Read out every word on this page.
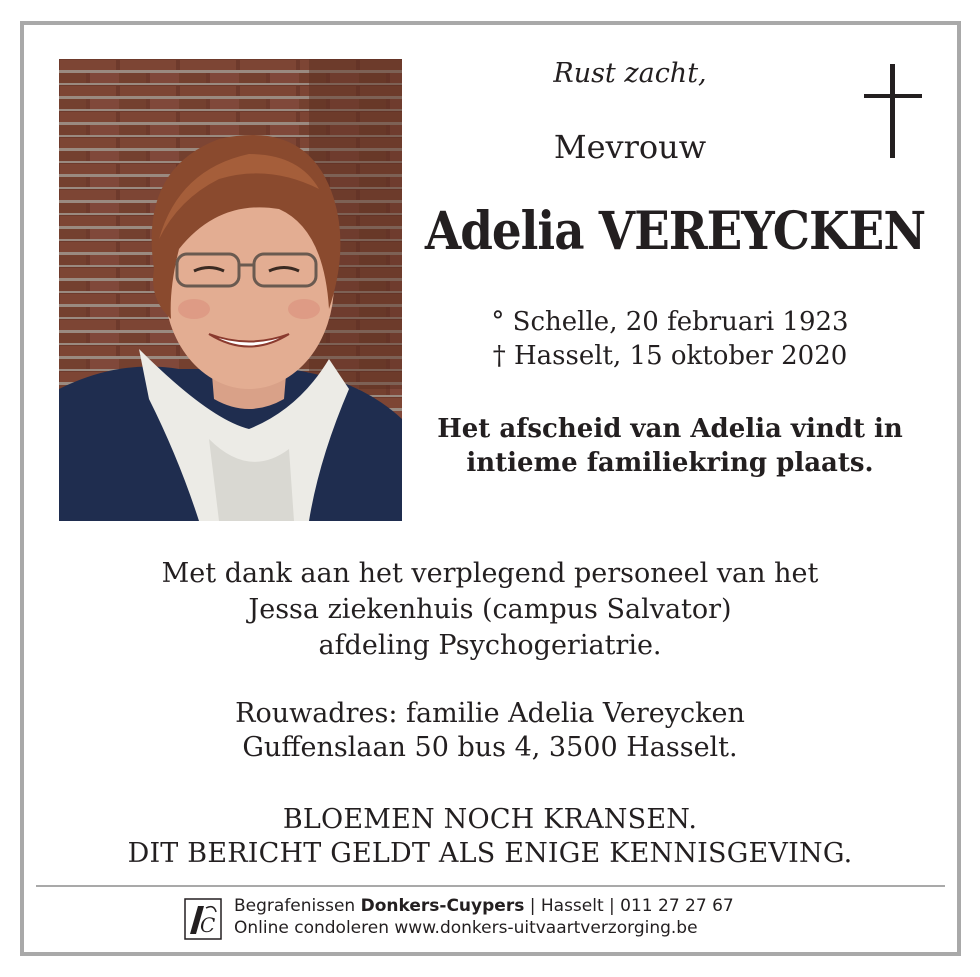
Rust zacht,
Mevrouw
Adelia VEREYCKEN
° Schelle, 20 februari 1923
† Hasselt, 15 oktober 2020
Het afscheid van Adelia vindt in
intieme familiekring plaats.
Met dank aan het verplegend personeel van het
Jessa ziekenhuis (campus Salvator)
afdeling Psychogeriatrie.
Rouwadres: familie Adelia Vereycken
Guffenslaan 50 bus 4, 3500 Hasselt.
BLOEMEN NOCH KRANSEN.
DIT BERICHT GELDT ALS ENIGE KENNISGEVING.
C
Begrafenissen Donkers-Cuypers | Hasselt | 011 27 27 67
Online condoleren www.donkers-uitvaartverzorging.be
